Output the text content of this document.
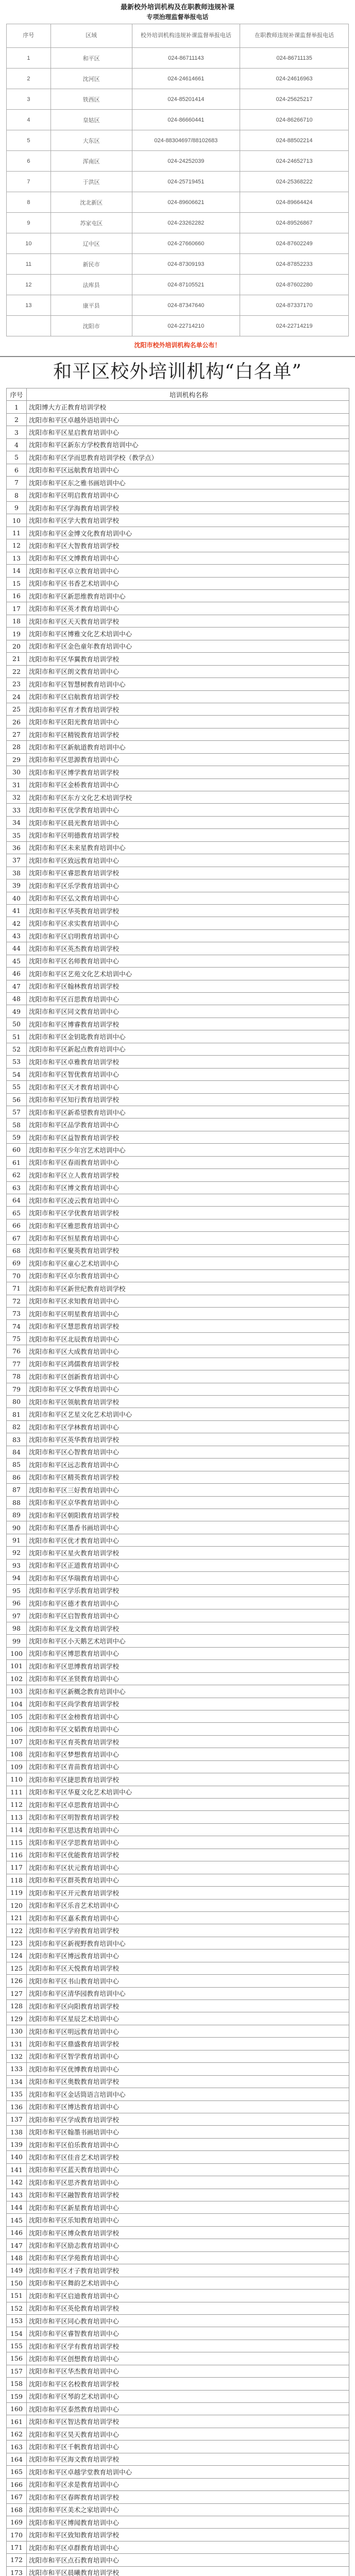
最新校外培训机构及在职教师违规补课
专项治理监督举报电话
序号	区域	校外培训机构违规补课监督举报电话	在职教师违规补课监督举报电话
1	和平区	024-86711143	024-86711135
2	沈河区	024-24614661	024-24616963
3	铁西区	024-85201414	024-25625217
4	皇姑区	024-86660441	024-86266710
5	大东区	024-88304697/88102683	024-88502214
6	浑南区	024-24252039	024-24652713
7	于洪区	024-25719451	024-25368222
8	沈北新区	024-89606621	024-89664424
9	苏家屯区	024-23262282	024-89526867
10	辽中区	024-27660660	024-87602249
11	新民市	024-87309193	024-87852233
12	法库县	024-87105521	024-87602280
13	康平县	024-87347640	024-87337170
	沈阳市	024-22714210	024-22714219
沈阳市校外培训机构名单公布！
和平区校外培训机构“白名单”
序号	培训机构名称
1	沈阳博大方正教育培训学校
2	沈阳市和平区卓越外语培训中心
3	沈阳市和平区星启教育培训中心
4	沈阳市和平区新东方学校教育培训中心
5	沈阳市和平区学而思教育培训学校（教学点）
6	沈阳市和平区远航教育培训中心
7	沈阳市和平区东之雅书画培训中心
8	沈阳市和平区明启教育培训中心
9	沈阳市和平区学海教育培训学校
10	沈阳市和平区学大教育培训学校
11	沈阳市和平区金博文化教育培训中心
12	沈阳市和平区大智教育培训学校
13	沈阳市和平区文博教育培训中心
14	沈阳市和平区卓立教育培训中心
15	沈阳市和平区书香艺术培训中心
16	沈阳市和平区新思维教育培训中心
17	沈阳市和平区英才教育培训中心
18	沈阳市和平区天天教育培训学校
19	沈阳市和平区博雅文化艺术培训中心
20	沈阳市和平区金色童年教育培训中心
21	沈阳市和平区华翼教育培训学校
22	沈阳市和平区朗文教育培训中心
23	沈阳市和平区智慧树教育培训中心
24	沈阳市和平区启航教育培训学校
25	沈阳市和平区育才教育培训学校
26	沈阳市和平区阳光教育培训中心
27	沈阳市和平区精锐教育培训学校
28	沈阳市和平区新航道教育培训中心
29	沈阳市和平区思源教育培训中心
30	沈阳市和平区博学教育培训学校
31	沈阳市和平区金桥教育培训中心
32	沈阳市和平区东方文化艺术培训学校
33	沈阳市和平区优学教育培训中心
34	沈阳市和平区晨光教育培训中心
35	沈阳市和平区明德教育培训学校
36	沈阳市和平区未来星教育培训中心
37	沈阳市和平区致远教育培训中心
38	沈阳市和平区睿思教育培训学校
39	沈阳市和平区乐学教育培训中心
40	沈阳市和平区弘文教育培训中心
41	沈阳市和平区华英教育培训学校
42	沈阳市和平区求实教育培训中心
43	沈阳市和平区启明教育培训中心
44	沈阳市和平区英杰教育培训学校
45	沈阳市和平区名师教育培训中心
46	沈阳市和平区艺苑文化艺术培训中心
47	沈阳市和平区翰林教育培训学校
48	沈阳市和平区百思教育培训中心
49	沈阳市和平区同文教育培训中心
50	沈阳市和平区博睿教育培训学校
51	沈阳市和平区金钥匙教育培训中心
52	沈阳市和平区新起点教育培训中心
53	沈阳市和平区卓雅教育培训学校
54	沈阳市和平区智优教育培训中心
55	沈阳市和平区天才教育培训中心
56	沈阳市和平区知行教育培训学校
57	沈阳市和平区新希望教育培训中心
58	沈阳市和平区品学教育培训中心
59	沈阳市和平区益智教育培训学校
60	沈阳市和平区少年宫艺术培训中心
61	沈阳市和平区春雨教育培训中心
62	沈阳市和平区立人教育培训学校
63	沈阳市和平区博文教育培训中心
64	沈阳市和平区凌云教育培训中心
65	沈阳市和平区学优教育培训学校
66	沈阳市和平区雅思教育培训中心
67	沈阳市和平区恒星教育培训中心
68	沈阳市和平区聚英教育培训学校
69	沈阳市和平区童心艺术培训中心
70	沈阳市和平区卓尔教育培训中心
71	沈阳市和平区新世纪教育培训学校
72	沈阳市和平区求知教育培训中心
73	沈阳市和平区明星教育培训中心
74	沈阳市和平区慧思教育培训学校
75	沈阳市和平区北辰教育培训中心
76	沈阳市和平区大成教育培训中心
77	沈阳市和平区鸿儒教育培训学校
78	沈阳市和平区创新教育培训中心
79	沈阳市和平区文华教育培训中心
80	沈阳市和平区领航教育培训学校
81	沈阳市和平区艺星文化艺术培训中心
82	沈阳市和平区学林教育培训中心
83	沈阳市和平区英华教育培训学校
84	沈阳市和平区心智教育培训中心
85	沈阳市和平区远志教育培训中心
86	沈阳市和平区精英教育培训学校
87	沈阳市和平区三好教育培训中心
88	沈阳市和平区京华教育培训中心
89	沈阳市和平区朝阳教育培训学校
90	沈阳市和平区墨香书画培训中心
91	沈阳市和平区优才教育培训中心
92	沈阳市和平区星火教育培训学校
93	沈阳市和平区正道教育培训中心
94	沈阳市和平区华瑞教育培训中心
95	沈阳市和平区学乐教育培训学校
96	沈阳市和平区德才教育培训中心
97	沈阳市和平区启智教育培训中心
98	沈阳市和平区龙文教育培训学校
99	沈阳市和平区小天鹅艺术培训中心
100	沈阳市和平区博思教育培训中心
101	沈阳市和平区思博教育培训学校
102	沈阳市和平区圣贤教育培训中心
103	沈阳市和平区新概念教育培训中心
104	沈阳市和平区尚学教育培训学校
105	沈阳市和平区金榜教育培训中心
106	沈阳市和平区文韬教育培训中心
107	沈阳市和平区育英教育培训学校
108	沈阳市和平区梦想教育培训中心
109	沈阳市和平区青苗教育培训中心
110	沈阳市和平区捷思教育培训学校
111	沈阳市和平区华夏文化艺术培训中心
112	沈阳市和平区卓思教育培训中心
113	沈阳市和平区明智教育培训学校
114	沈阳市和平区思达教育培训中心
115	沈阳市和平区学思教育培训中心
116	沈阳市和平区优能教育培训学校
117	沈阳市和平区状元教育培训中心
118	沈阳市和平区群英教育培训中心
119	沈阳市和平区开元教育培训学校
120	沈阳市和平区乐音艺术培训中心
121	沈阳市和平区嘉禾教育培训中心
122	沈阳市和平区学府教育培训学校
123	沈阳市和平区新视野教育培训中心
124	沈阳市和平区博远教育培训中心
125	沈阳市和平区天悦教育培训学校
126	沈阳市和平区书山教育培训中心
127	沈阳市和平区清华园教育培训中心
128	沈阳市和平区向阳教育培训学校
129	沈阳市和平区星辰艺术培训中心
130	沈阳市和平区明远教育培训中心
131	沈阳市和平区鼎盛教育培训学校
132	沈阳市和平区智学教育培训中心
133	沈阳市和平区优博教育培训中心
134	沈阳市和平区奥数教育培训学校
135	沈阳市和平区金话筒语言培训中心
136	沈阳市和平区博达教育培训中心
137	沈阳市和平区学成教育培训学校
138	沈阳市和平区翰墨书画培训中心
139	沈阳市和平区伯乐教育培训中心
140	沈阳市和平区佳音艺术培训学校
141	沈阳市和平区蓝天教育培训中心
142	沈阳市和平区思齐教育培训中心
143	沈阳市和平区融智教育培训学校
144	沈阳市和平区新星教育培训中心
145	沈阳市和平区乐知教育培训中心
146	沈阳市和平区博众教育培训学校
147	沈阳市和平区励志教育培训中心
148	沈阳市和平区学苑教育培训中心
149	沈阳市和平区才子教育培训学校
150	沈阳市和平区舞韵艺术培训中心
151	沈阳市和平区启迪教育培训中心
152	沈阳市和平区英伦教育培训学校
153	沈阳市和平区同心教育培训中心
154	沈阳市和平区睿智教育培训中心
155	沈阳市和平区学有教育培训学校
156	沈阳市和平区创想教育培训中心
157	沈阳市和平区华杰教育培训中心
158	沈阳市和平区名校教育培训学校
159	沈阳市和平区琴韵艺术培训中心
160	沈阳市和平区泰然教育培训中心
161	沈阳市和平区智达教育培训学校
162	沈阳市和平区昊天教育培训中心
163	沈阳市和平区千帆教育培训中心
164	沈阳市和平区海文教育培训学校
165	沈阳市和平区卓越学堂教育培训中心
166	沈阳市和平区求是教育培训中心
167	沈阳市和平区春晖教育培训学校
168	沈阳市和平区美术之家培训中心
169	沈阳市和平区博闻教育培训中心
170	沈阳市和平区致知教育培训学校
171	沈阳市和平区卓群教育培训中心
172	沈阳市和平区点石教育培训中心
173	沈阳市和平区晨曦教育培训学校
